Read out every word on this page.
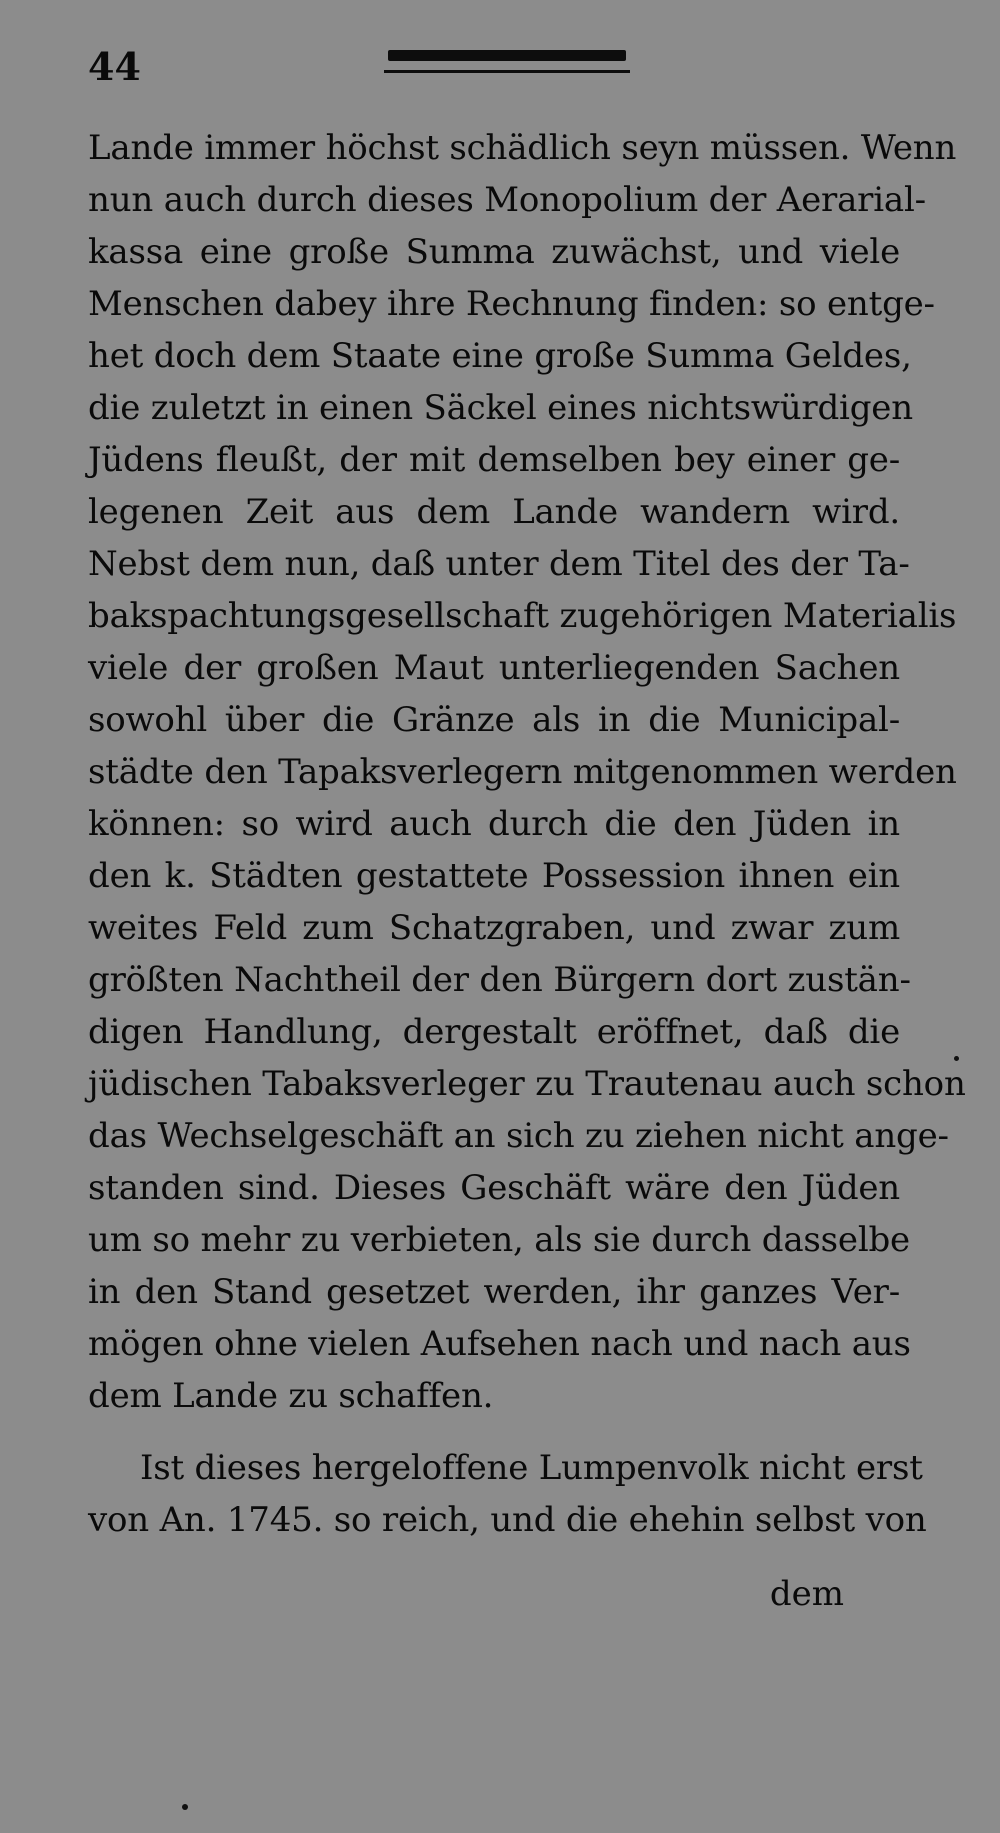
44
Lande immer höchst schädlich seyn müssen. Wenn
nun auch durch dieses Monopolium der Aerarial-
kassa eine große Summa zuwächst, und viele
Menschen dabey ihre Rechnung finden: so entge-
het doch dem Staate eine große Summa Geldes,
die zuletzt in einen Säckel eines nichtswürdigen
Jüdens fleußt, der mit demselben bey einer ge-
legenen Zeit aus dem Lande wandern wird.
Nebst dem nun, daß unter dem Titel des der Ta-
bakspachtungsgesellschaft zugehörigen Materialis
viele der großen Maut unterliegenden Sachen
sowohl über die Gränze als in die Municipal-
städte den Tapaksverlegern mitgenommen werden
können: so wird auch durch die den Jüden in
den k. Städten gestattete Possession ihnen ein
weites Feld zum Schatzgraben, und zwar zum
größten Nachtheil der den Bürgern dort zustän-
digen Handlung, dergestalt eröffnet, daß die
jüdischen Tabaksverleger zu Trautenau auch schon
das Wechselgeschäft an sich zu ziehen nicht ange-
standen sind. Dieses Geschäft wäre den Jüden
um so mehr zu verbieten, als sie durch dasselbe
in den Stand gesetzet werden, ihr ganzes Ver-
mögen ohne vielen Aufsehen nach und nach aus
dem Lande zu schaffen.
Ist dieses hergeloffene Lumpenvolk nicht erst
von An. 1745. so reich, und die ehehin selbst von
dem
